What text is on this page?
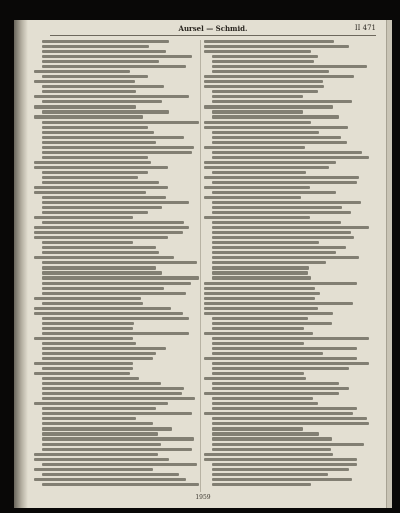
Aursel — Schmid.	II 471
1959
